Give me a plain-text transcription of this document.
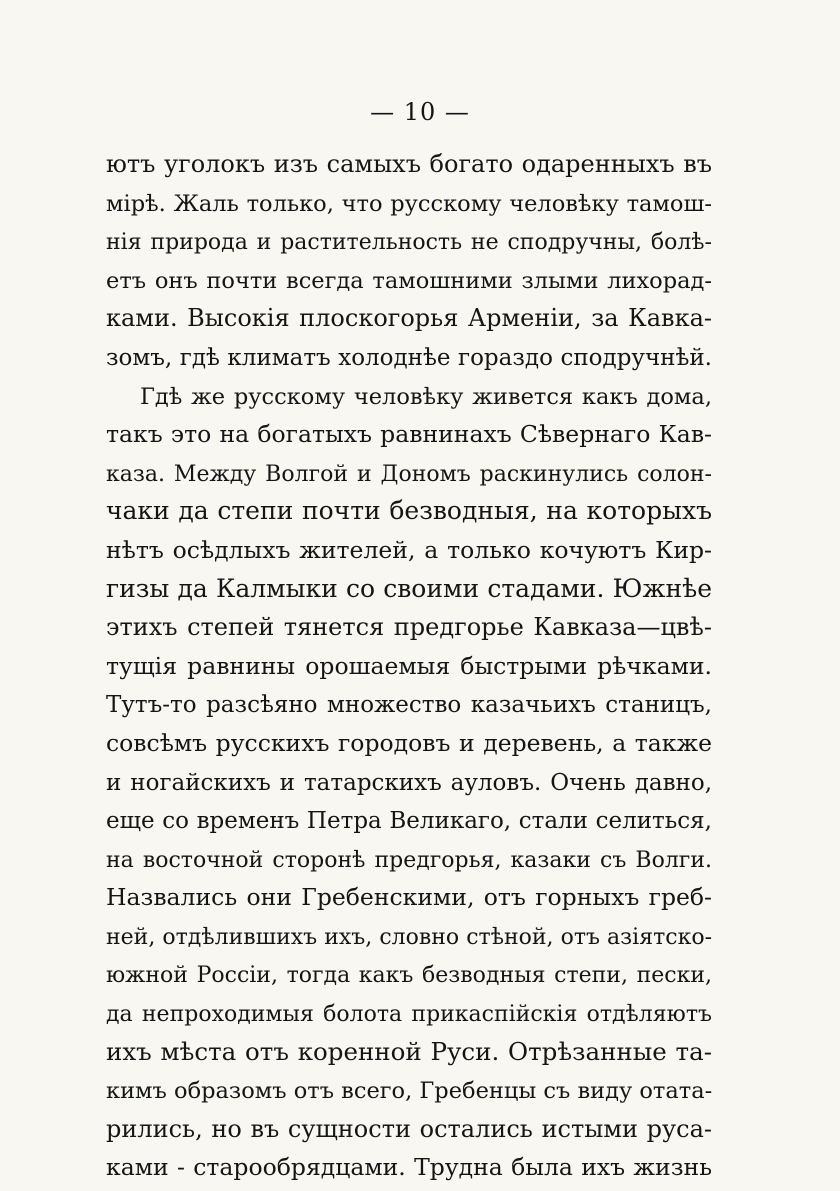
— 10 —
ютъ уголокъ изъ самыхъ богато одаренныхъ въ
мірѣ. Жаль только, что русскому человѣку тамош-
нія природа и растительность не сподручны, болѣ-
етъ онъ почти всегда тамошними злыми лихорад-
ками. Высокія плоскогорья Арменіи, за Кавка-
зомъ, гдѣ климатъ холоднѣе гораздо сподручнѣй.
Гдѣ же русскому человѣку живется какъ дома,
такъ это на богатыхъ равнинахъ Сѣвернаго Кав-
каза. Между Волгой и Дономъ раскинулись солон-
чаки да степи почти безводныя, на которыхъ
нѣтъ осѣдлыхъ жителей, а только кочуютъ Кир-
гизы да Калмыки со своими стадами. Южнѣе
этихъ степей тянется предгорье Кавказа—цвѣ-
тущія равнины орошаемыя быстрыми рѣчками.
Тутъ-то разсѣяно множество казачьихъ станицъ,
совсѣмъ русскихъ городовъ и деревень, а также
и ногайскихъ и татарскихъ ауловъ. Очень давно,
еще со временъ Петра Великаго, стали селиться,
на восточной сторонѣ предгорья, казаки съ Волги.
Назвались они Гребенскими, отъ горныхъ греб-
ней, отдѣлившихъ ихъ, словно стѣной, отъ азіятско-
южной Россіи, тогда какъ безводныя степи, пески,
да непроходимыя болота прикаспійскія отдѣляютъ
ихъ мѣста отъ коренной Руси. Отрѣзанные та-
кимъ образомъ отъ всего, Гребенцы съ виду отата-
рились, но въ сущности остались истыми руса-
ками - старообрядцами. Трудна была ихъ жизнь
